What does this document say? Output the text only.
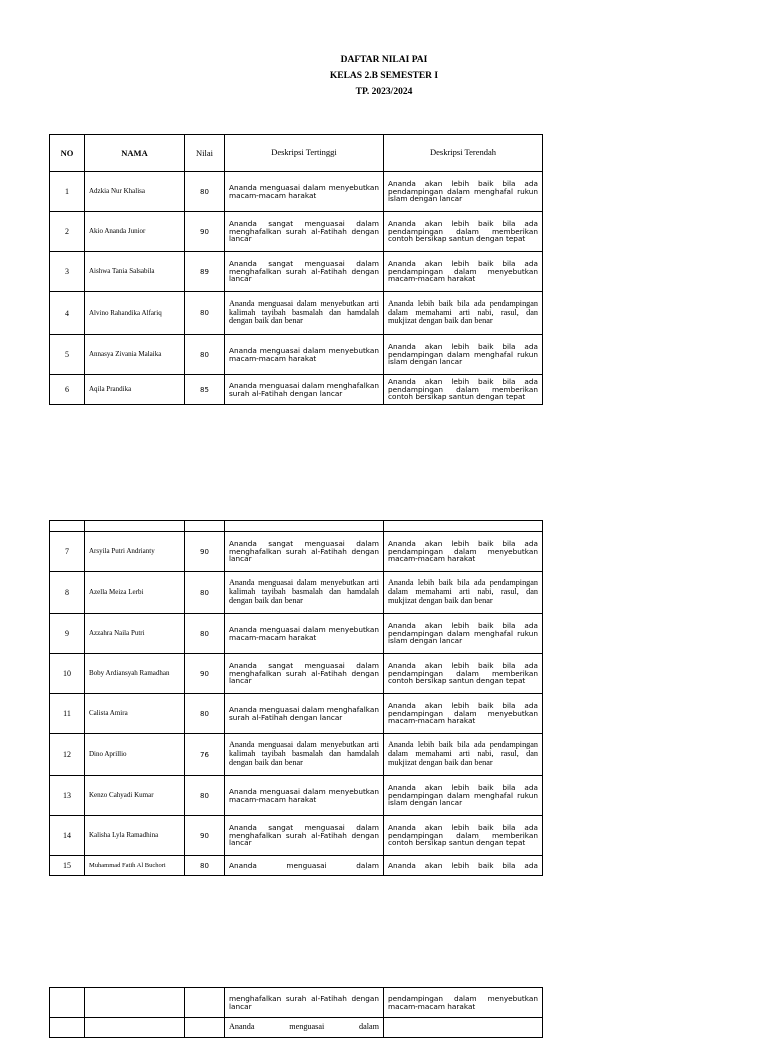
DAFTAR NILAI PAI
KELAS 2.B SEMESTER I
TP. 2023/2024
NO	NAMA	Nilai	Deskripsi Tertinggi	Deskripsi Terendah
1	Adzkia Nur Khalisa	80	Ananda menguasai dalam menyebutkan macam-macam harakat	Ananda akan lebih baik bila ada pendampingan dalam menghafal rukun islam dengan lancar
2	Akio Ananda Junior	90	Ananda sangat menguasai dalam menghafalkan surah al-Fatihah dengan lancar	Ananda akan lebih baik bila ada pendampingan dalam memberikan contoh bersikap santun dengan tepat
3	Aishwa Tania Salsabila	89	Ananda sangat menguasai dalam menghafalkan surah al-Fatihah dengan lancar	Ananda akan lebih baik bila ada pendampingan dalam menyebutkan macam-macam harakat
4	Alvino Rahandika Alfariq	80	Ananda menguasai dalam menyebutkan arti kalimah tayibah basmalah dan hamdalah dengan baik dan benar	Ananda lebih baik bila ada pendampingan dalam memahami arti nabi, rasul, dan mukjizat dengan baik dan benar
5	Annasya Zivania Malaika	80	Ananda menguasai dalam menyebutkan macam-macam harakat	Ananda akan lebih baik bila ada pendampingan dalam menghafal rukun islam dengan lancar
6	Aqila Prandika	85	Ananda menguasai dalam menghafalkan surah al-Fatihah dengan lancar	Ananda akan lebih baik bila ada pendampingan dalam memberikan contoh bersikap santun dengan tepat

7	Arsyila Putri Andrianty	90	Ananda sangat menguasai dalam menghafalkan surah al-Fatihah dengan lancar	Ananda akan lebih baik bila ada pendampingan dalam menyebutkan macam-macam harakat
8	Azella Meiza Lerbi	80	Ananda menguasai dalam menyebutkan arti kalimah tayibah basmalah dan hamdalah dengan baik dan benar	Ananda lebih baik bila ada pendampingan dalam memahami arti nabi, rasul, dan mukjizat dengan baik dan benar
9	Azzahra Naila Putri	80	Ananda menguasai dalam menyebutkan macam-macam harakat	Ananda akan lebih baik bila ada pendampingan dalam menghafal rukun islam dengan lancar
10	Boby Ardiansyah Ramadhan	90	Ananda sangat menguasai dalam menghafalkan surah al-Fatihah dengan lancar	Ananda akan lebih baik bila ada pendampingan dalam memberikan contoh bersikap santun dengan tepat
11	Calista Amira	80	Ananda menguasai dalam menghafalkan surah al-Fatihah dengan lancar	Ananda akan lebih baik bila ada pendampingan dalam menyebutkan macam-macam harakat
12	Dino Aprillio	76	Ananda menguasai dalam menyebutkan arti kalimah tayibah basmalah dan hamdalah dengan baik dan benar	Ananda lebih baik bila ada pendampingan dalam memahami arti nabi, rasul, dan mukjizat dengan baik dan benar
13	Kenzo Cahyadi Kumar	80	Ananda menguasai dalam menyebutkan macam-macam harakat	Ananda akan lebih baik bila ada pendampingan dalam menghafal rukun islam dengan lancar
14	Kalisha Lyla Ramadhina	90	Ananda sangat menguasai dalam menghafalkan surah al-Fatihah dengan lancar	Ananda akan lebih baik bila ada pendampingan dalam memberikan contoh bersikap santun dengan tepat
15	Muhammad Fatih Al Buchori	80	Ananda menguasai dalam	Ananda akan lebih baik bila ada
			menghafalkan surah al-Fatihah dengan lancar	pendampingan dalam menyebutkan macam-macam harakat
			Ananda menguasai dalam	
